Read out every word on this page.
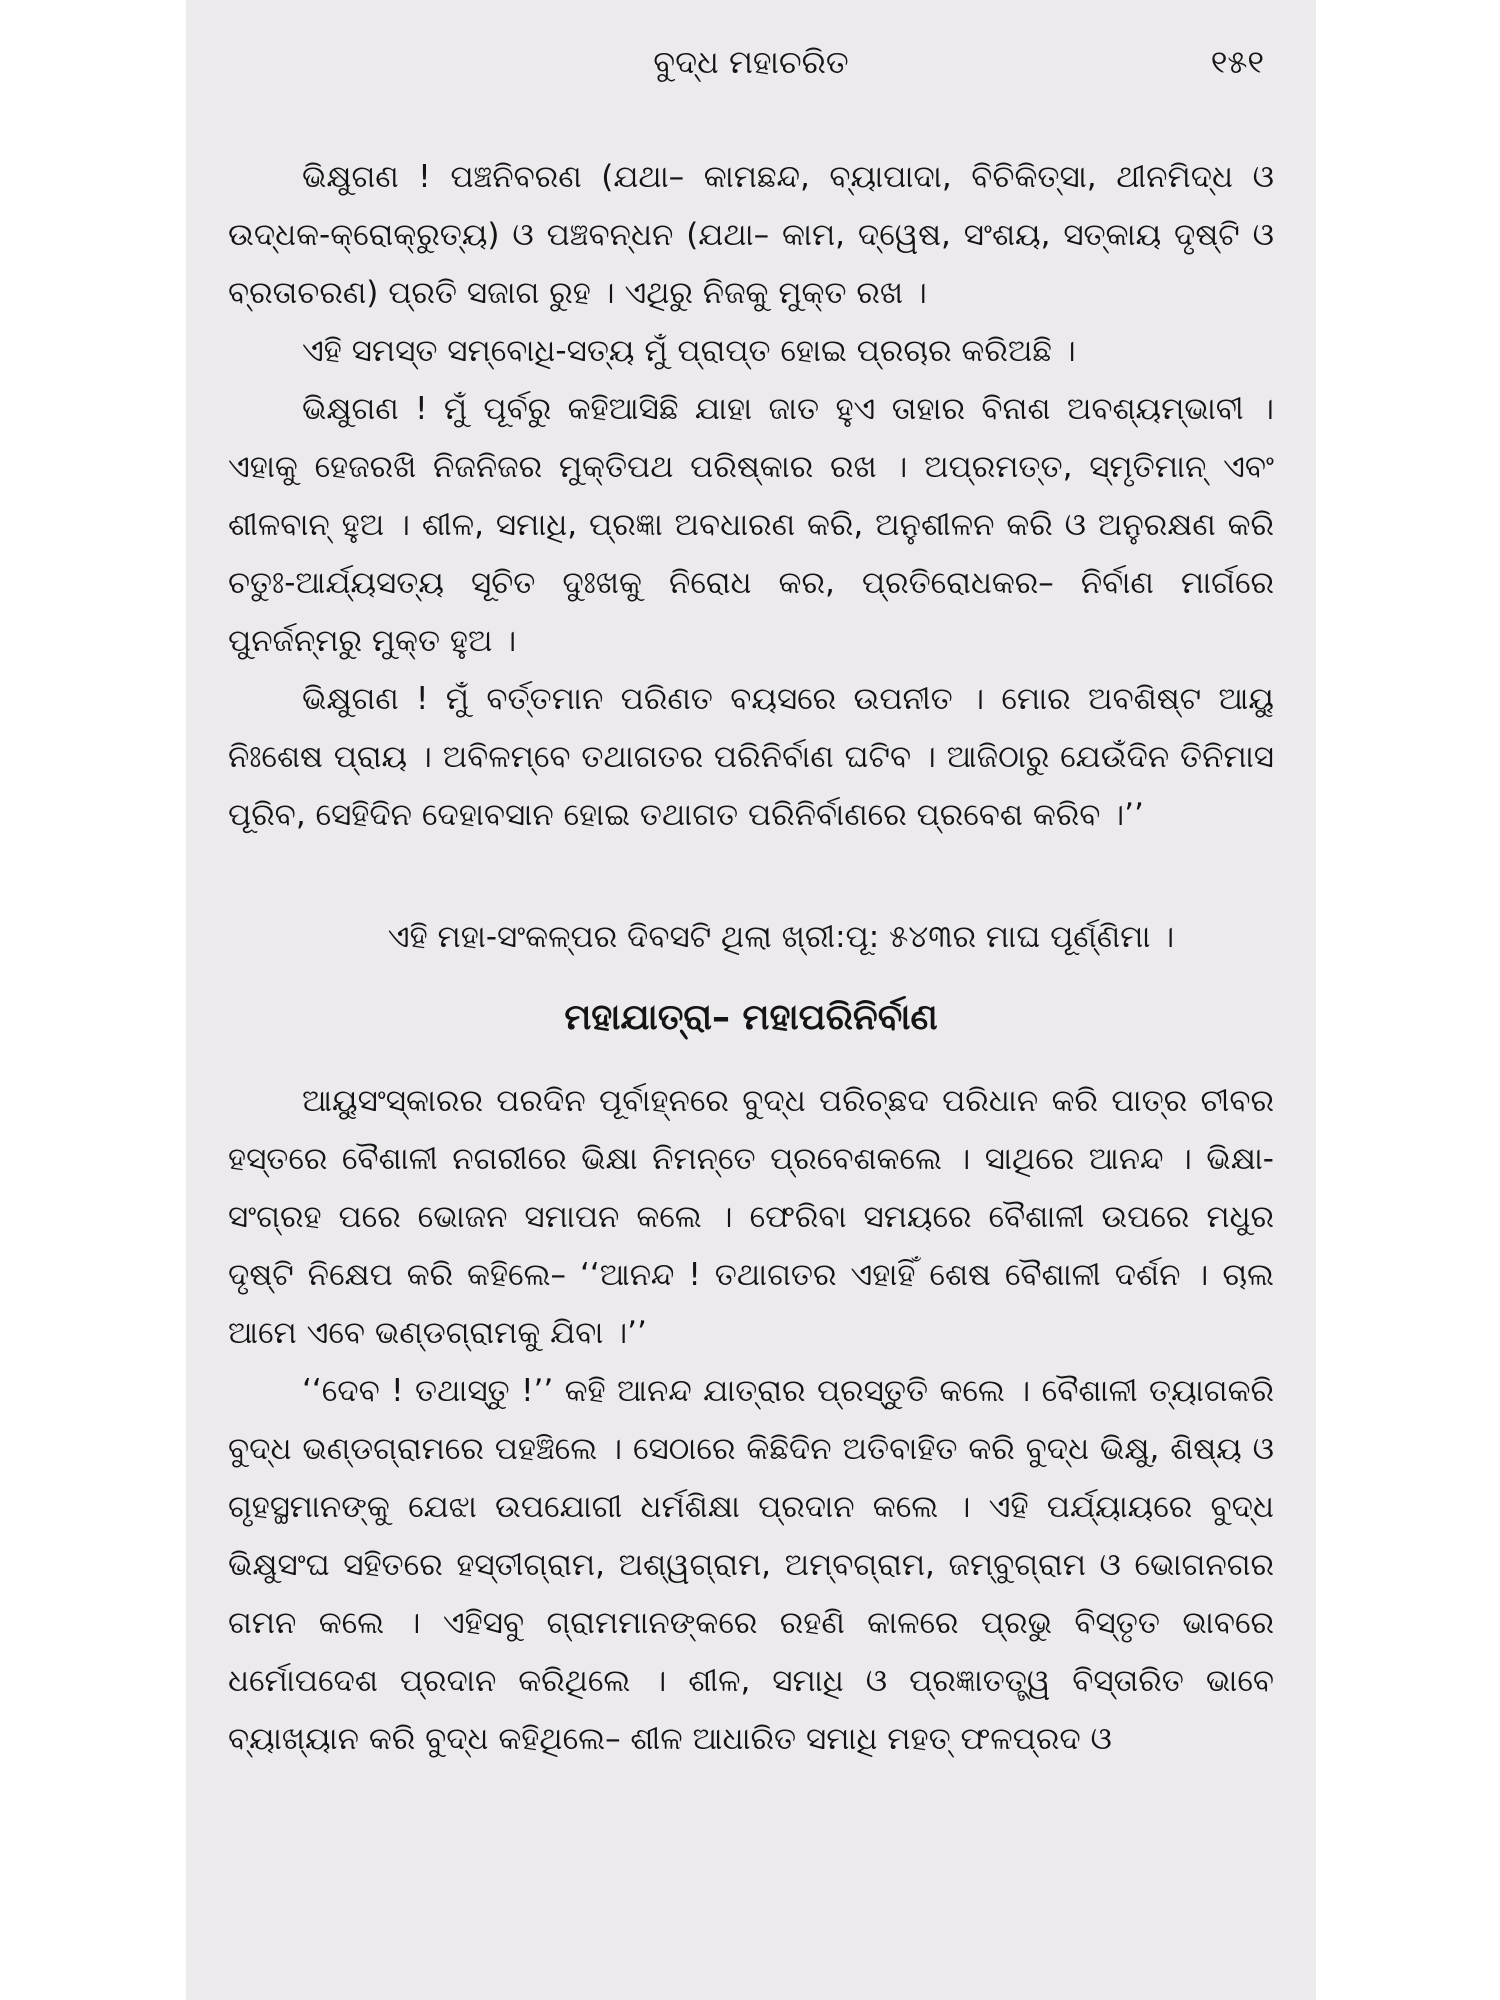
ବୁଦ୍ଧ ମହାଚରିତ	୧୫୧

ଭିକ୍ଷୁଗଣ ! ପଞ୍ଚନିବରଣ (ଯଥା– କାମଛନ୍ଦ, ବ୍ୟାପାଦା, ବିଚିକିତ୍ସା, ଥୀନମିଦ୍ଧ ଓ ଉଦ୍ଧକ-କ୍ରୋକ୍ରୁତ୍ୟ) ଓ ପଞ୍ଚବନ୍ଧନ (ଯଥା– କାମ, ଦ୍ୱେଷ, ସଂଶୟ, ସତ୍କାୟ ଦୃଷ୍ଟି ଓ ବ୍ରତାଚରଣ) ପ୍ରତି ସଜାଗ ରୁହ । ଏଥିରୁ ନିଜକୁ ମୁକ୍ତ ରଖ ।

ଏହି ସମସ୍ତ ସମ୍ବୋଧି-ସତ୍ୟ ମୁଁ ପ୍ରାପ୍ତ ହୋଇ ପ୍ରଚାର କରିଅଛି ।

ଭିକ୍ଷୁଗଣ ! ମୁଁ ପୂର୍ବରୁ କହିଆସିଛି ଯାହା ଜାତ ହୁଏ ତାହାର ବିନାଶ ଅବଶ୍ୟମ୍ଭାବୀ । ଏହାକୁ ହେଜରଖି ନିଜନିଜର ମୁକ୍ତିପଥ ପରିଷ୍କାର ରଖ । ଅପ୍ରମତ୍ତ, ସ୍ମୃତିମାନ୍ ଏବଂ ଶୀଳବାନ୍ ହୁଅ । ଶୀଳ, ସମାଧି, ପ୍ରଜ୍ଞା ଅବଧାରଣ କରି, ଅନୁଶୀଳନ କରି ଓ ଅନୁରକ୍ଷଣ କରି ଚତୁଃ-ଆର୍ଯ୍ୟସତ୍ୟ ସୂଚିତ ଦୁଃଖକୁ ନିରୋଧ କର, ପ୍ରତିରୋଧକର– ନିର୍ବାଣ ମାର୍ଗରେ ପୁନର୍ଜନ୍ମରୁ ମୁକ୍ତ ହୁଅ ।

ଭିକ୍ଷୁଗଣ ! ମୁଁ ବର୍ତ୍ତମାନ ପରିଣତ ବୟସରେ ଉପନୀତ । ମୋର ଅବଶିଷ୍ଟ ଆୟୁ ନିଃଶେଷ ପ୍ରାୟ । ଅବିଳମ୍ବେ ତଥାଗତର ପରିନିର୍ବାଣ ଘଟିବ । ଆଜିଠାରୁ ଯେଉଁଦିନ ତିନିମାସ ପୂରିବ, ସେହିଦିନ ଦେହାବସାନ ହୋଇ ତଥାଗତ ପରିନିର୍ବାଣରେ ପ୍ରବେଶ କରିବ ।’’

ଏହି ମହା-ସଂକଳ୍ପର ଦିବସଟି ଥିଲା ଖ୍ରୀ:ପୂ: ୫୪୩ର ମାଘ ପୂର୍ଣ୍ଣିମା ।

ମହାଯାତ୍ରା– ମହାପରିନିର୍ବାଣ

ଆୟୁସଂସ୍କାରର ପରଦିନ ପୂର୍ବାହ୍ନରେ ବୁଦ୍ଧ ପରିଚ୍ଛଦ ପରିଧାନ କରି ପାତ୍ର ଚୀବର ହସ୍ତରେ ବୈଶାଳୀ ନଗରୀରେ ଭିକ୍ଷା ନିମନ୍ତେ ପ୍ରବେଶକଲେ । ସାଥିରେ ଆନନ୍ଦ । ଭିକ୍ଷା-ସଂଗ୍ରହ ପରେ ଭୋଜନ ସମାପନ କଲେ । ଫେରିବା ସମୟରେ ବୈଶାଳୀ ଉପରେ ମଧୁର ଦୃଷ୍ଟି ନିକ୍ଷେପ କରି କହିଲେ– ‘‘ଆନନ୍ଦ ! ତଥାଗତର ଏହାହିଁ ଶେଷ ବୈଶାଳୀ ଦର୍ଶନ । ଚାଲ ଆମେ ଏବେ ଭଣ୍ଡଗ୍ରାମକୁ ଯିବା ।’’

‘‘ଦେବ ! ତଥାସ୍ତୁ !’’ କହି ଆନନ୍ଦ ଯାତ୍ରାର ପ୍ରସ୍ତୁତି କଲେ । ବୈଶାଳୀ ତ୍ୟାଗକରି ବୁଦ୍ଧ ଭଣ୍ଡଗ୍ରାମରେ ପହଞ୍ଚିଲେ । ସେଠାରେ କିଛିଦିନ ଅତିବାହିତ କରି ବୁଦ୍ଧ ଭିକ୍ଷୁ, ଶିଷ୍ୟ ଓ ଗୃହସ୍ଥମାନଙ୍କୁ ଯେଝା ଉପଯୋଗୀ ଧର୍ମଶିକ୍ଷା ପ୍ରଦାନ କଲେ । ଏହି ପର୍ଯ୍ୟାୟରେ ବୁଦ୍ଧ ଭିକ୍ଷୁସଂଘ ସହିତରେ ହସ୍ତୀଗ୍ରାମ, ଅଶ୍ୱଗ୍ରାମ, ଅମ୍ବଗ୍ରାମ, ଜମ୍ବୁଗ୍ରାମ ଓ ଭୋଗନଗର ଗମନ କଲେ । ଏହିସବୁ ଗ୍ରାମମାନଙ୍କରେ ରହଣି କାଳରେ ପ୍ରଭୁ ବିସ୍ତୃତ ଭାବରେ ଧର୍ମୋପଦେଶ ପ୍ରଦାନ କରିଥିଲେ । ଶୀଳ, ସମାଧି ଓ ପ୍ରଜ୍ଞାତତ୍ତ୍ୱ ବିସ୍ତାରିତ ଭାବେ ବ୍ୟାଖ୍ୟାନ କରି ବୁଦ୍ଧ କହିଥିଲେ– ଶୀଳ ଆଧାରିତ ସମାଧି ମହତ୍ ଫଳପ୍ରଦ ଓ
